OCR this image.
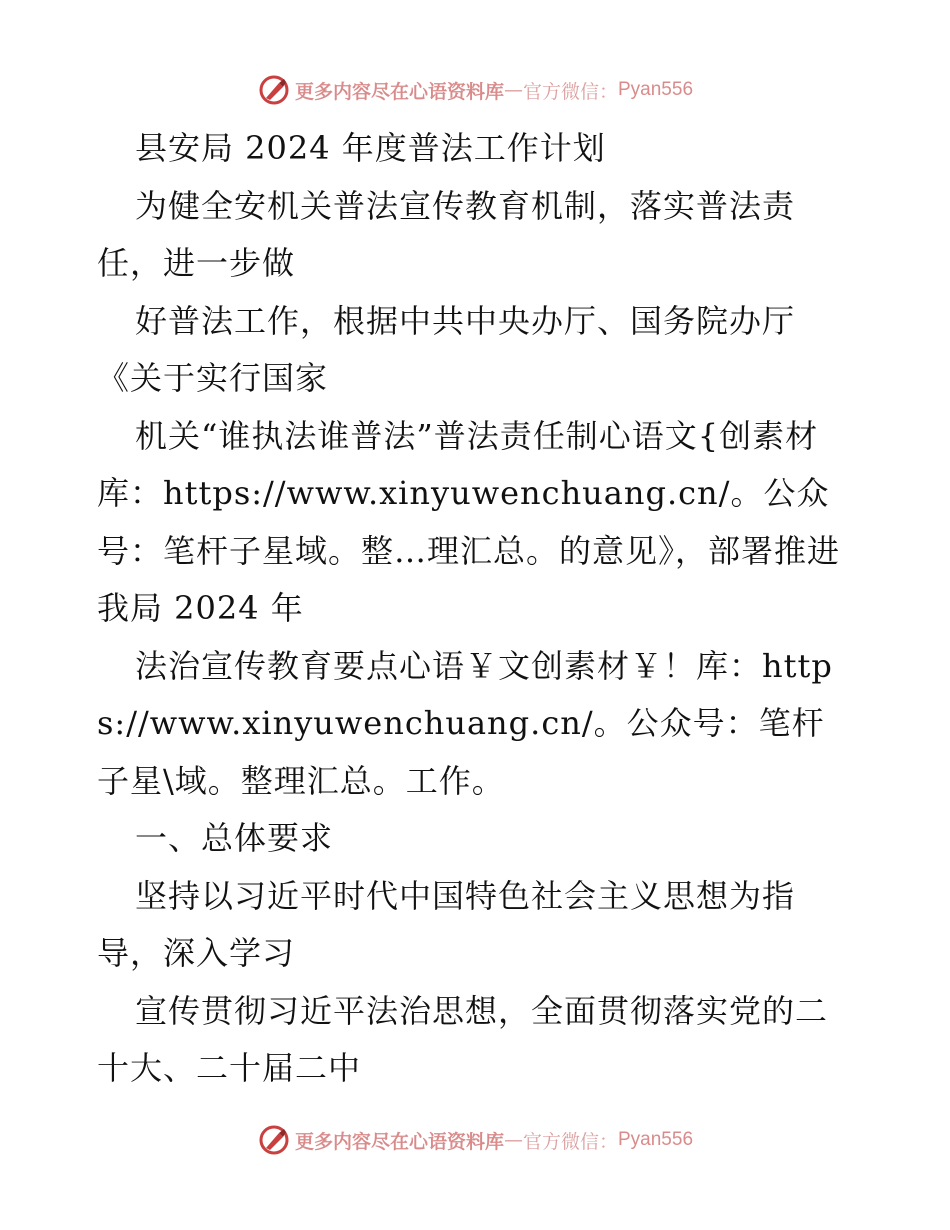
更多内容尽在心语资料库 — 官方微信： Pyan556

县安局 2024 年度普法工作计划

为健全安机关普法宣传教育机制，落实普法责任，进一步做

好普法工作，根据中共中央办厅、国务院办厅《关于实行国家

机关“谁执法谁普法”普法责任制心语文{创素材库：https://www.xinyuwenchuang.cn/。公众号：笔杆子星域。整…理汇总。的意见》，部署推进我局 2024 年

法治宣传教育要点心语￥文创素材￥！库：https://www.xinyuwenchuang.cn/。公众号：笔杆子星\域。整理汇总。工作。

一、总体要求

坚持以习近平时代中国特色社会主义思想为指导，深入学习

宣传贯彻习近平法治思想，全面贯彻落实党的二十大、二十届二中

更多内容尽在心语资料库 — 官方微信： Pyan556
